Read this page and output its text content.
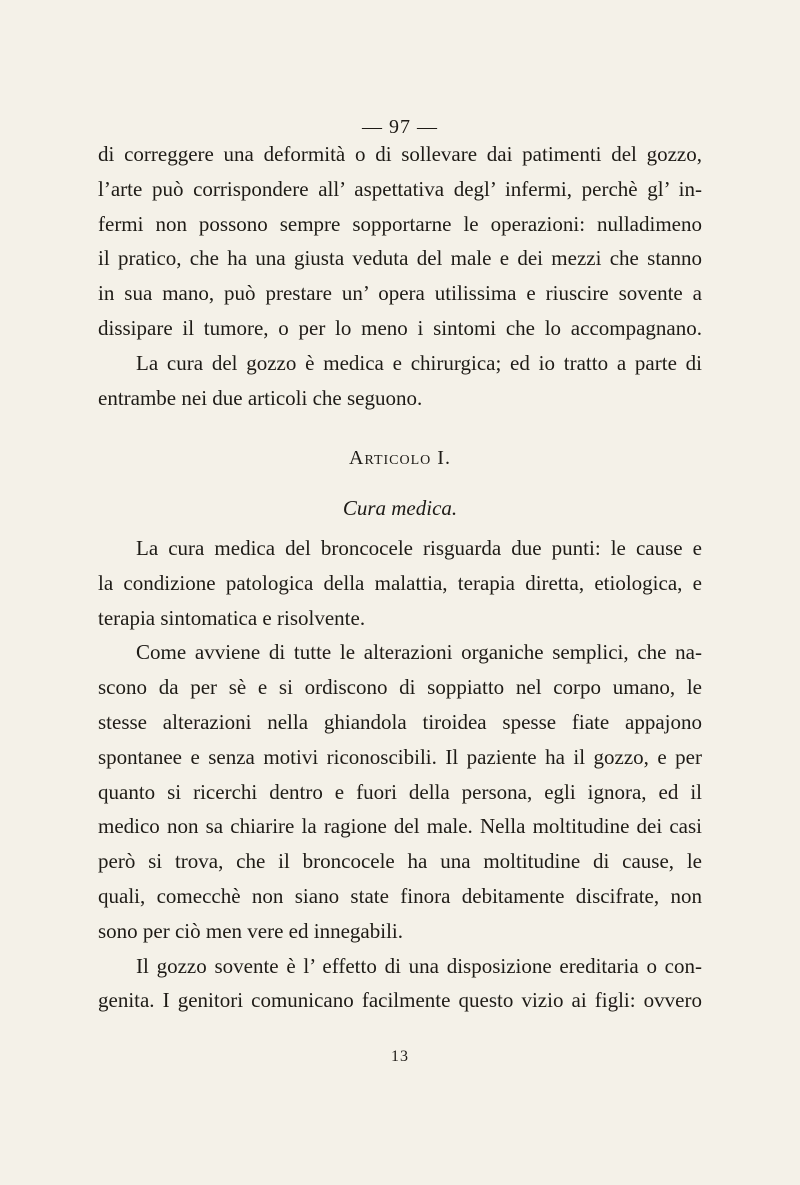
— 97 —
di correggere una deformità o di sollevare dai patimenti del gozzo,
l’arte può corrispondere all’ aspettativa degl’ infermi, perchè gl’ in-
fermi non possono sempre sopportarne le operazioni: nulladimeno
il pratico, che ha una giusta veduta del male e dei mezzi che stanno
in sua mano, può prestare un’ opera utilissima e riuscire sovente a
dissipare il tumore, o per lo meno i sintomi che lo accompagnano.
La cura del gozzo è medica e chirurgica; ed io tratto a parte di
entrambe nei due articoli che seguono.
Articolo I.
Cura medica.
La cura medica del broncocele risguarda due punti: le cause e
la condizione patologica della malattia, terapia diretta, etiologica, e
terapia sintomatica e risolvente.
Come avviene di tutte le alterazioni organiche semplici, che na-
scono da per sè e si ordiscono di soppiatto nel corpo umano, le
stesse alterazioni nella ghiandola tiroidea spesse fiate appajono
spontanee e senza motivi riconoscibili. Il paziente ha il gozzo, e per
quanto si ricerchi dentro e fuori della persona, egli ignora, ed il
medico non sa chiarire la ragione del male. Nella moltitudine dei casi
però si trova, che il broncocele ha una moltitudine di cause, le
quali, comecchè non siano state finora debitamente discifrate, non
sono per ciò men vere ed innegabili.
Il gozzo sovente è l’ effetto di una disposizione ereditaria o con-
genita. I genitori comunicano facilmente questo vizio ai figli: ovvero
13
